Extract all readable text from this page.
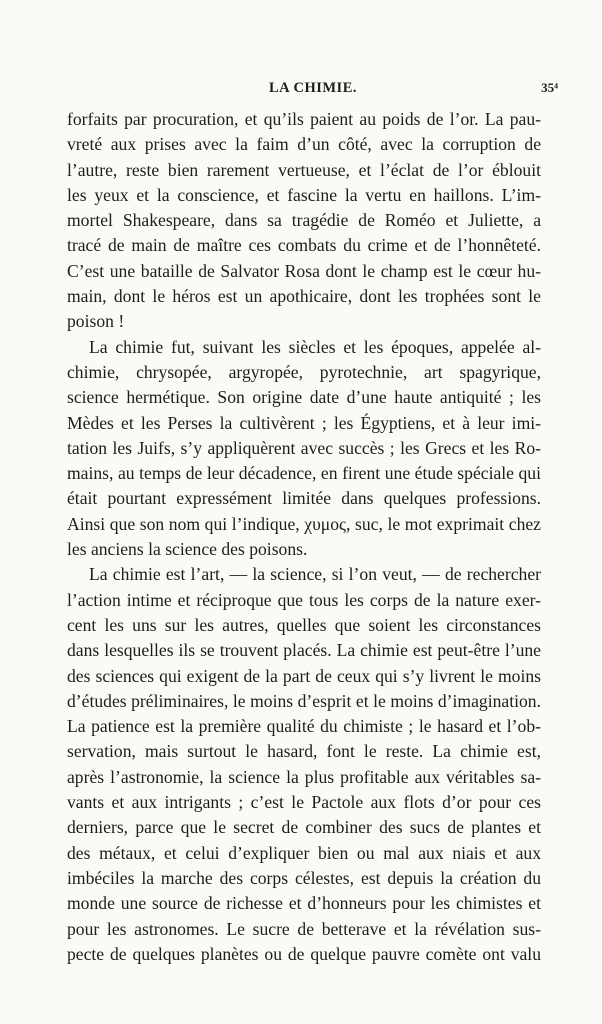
LA CHIMIE.	35⁴
forfaits par procuration, et qu’ils paient au poids de l’or. La pau-
vreté aux prises avec la faim d’un côté, avec la corruption de
l’autre, reste bien rarement vertueuse, et l’éclat de l’or éblouit
les yeux et la conscience, et fascine la vertu en haillons. L’im-
mortel Shakespeare, dans sa tragédie de Roméo et Juliette, a
tracé de main de maître ces combats du crime et de l’honnêteté.
C’est une bataille de Salvator Rosa dont le champ est le cœur hu-
main, dont le héros est un apothicaire, dont les trophées sont le
poison !
La chimie fut, suivant les siècles et les époques, appelée al-
chimie, chrysopée, argyropée, pyrotechnie, art spagyrique,
science hermétique. Son origine date d’une haute antiquité ; les
Mèdes et les Perses la cultivèrent ; les Égyptiens, et à leur imi-
tation les Juifs, s’y appliquèrent avec succès ; les Grecs et les Ro-
mains, au temps de leur décadence, en firent une étude spéciale qui
était pourtant expressément limitée dans quelques professions.
Ainsi que son nom qui l’indique, χυμος, suc, le mot exprimait chez
les anciens la science des poisons.
La chimie est l’art, — la science, si l’on veut, — de rechercher
l’action intime et réciproque que tous les corps de la nature exer-
cent les uns sur les autres, quelles que soient les circonstances
dans lesquelles ils se trouvent placés. La chimie est peut-être l’une
des sciences qui exigent de la part de ceux qui s’y livrent le moins
d’études préliminaires, le moins d’esprit et le moins d’imagination.
La patience est la première qualité du chimiste ; le hasard et l’ob-
servation, mais surtout le hasard, font le reste. La chimie est,
après l’astronomie, la science la plus profitable aux véritables sa-
vants et aux intrigants ; c’est le Pactole aux flots d’or pour ces
derniers, parce que le secret de combiner des sucs de plantes et
des métaux, et celui d’expliquer bien ou mal aux niais et aux
imbéciles la marche des corps célestes, est depuis la création du
monde une source de richesse et d’honneurs pour les chimistes et
pour les astronomes. Le sucre de betterave et la révélation sus-
pecte de quelques planètes ou de quelque pauvre comète ont valu
